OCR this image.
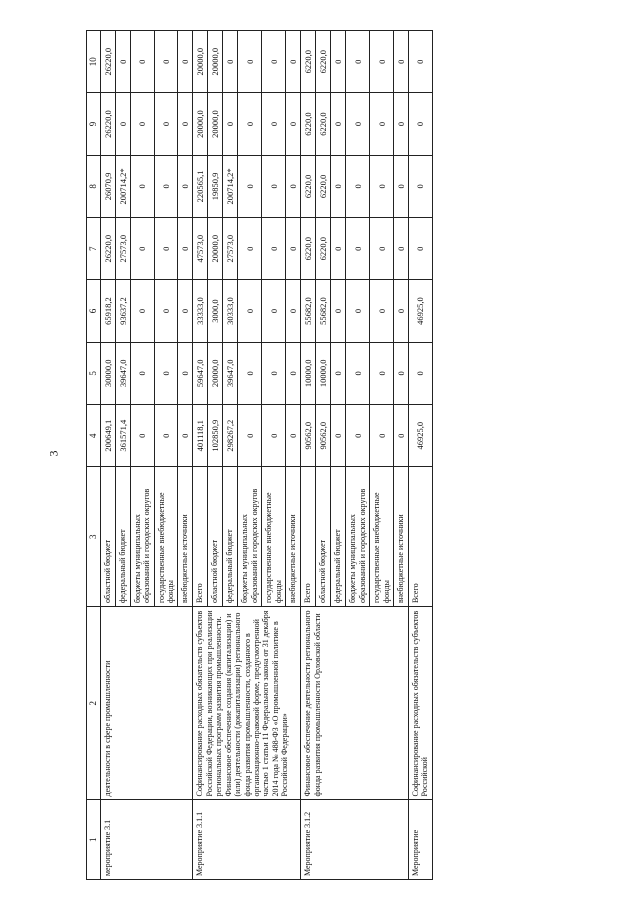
3
1	2	3	4	5	6	7	8	9	10
мероприятие 3.1	деятельности в сфере промышленности	областной бюджет	200649,1	30000,0	65918,2	26220,0	26070,9	26220,0	26220,0
		федеральный бюджет	361571,4	39647,0	93637,2	27573,0	200714,2*	0	0
		бюджеты муниципальных образований и городских округов	0	0	0	0	0	0	0
		государственные внебюджетные фонды	0	0	0	0	0	0	0
		внебюджетные источники	0	0	0	0	0	0	0
Мероприятие 3.1.1	Софинансирование расходных обязательств субъектов Российской Федерации, возникающих при реализации региональных программ развития промышленности. Финансовое обеспечение создания (капитализации) и (или) деятельности (докапитализации) регионального фонда развития промышленности, созданного в организационно-правовой форме, предусмотренной частью 1 статьи 11 Федерального закона от 31 декабря 2014 года № 488-ФЗ «О промышленной политике в Российской Федерации»	Всего	401118,1	59647,0	33333,0	47573,0	220565,1	20000,0	20000,0
		областной бюджет	102850,9	20000,0	3000,0	20000,0	19850,9	20000,0	20000,0
		федеральный бюджет	298267,2	39647,0	30333,0	27573,0	200714,2*	0	0
		бюджеты муниципальных образований и городских округов	0	0	0	0	0	0	0
		государственные внебюджетные фонды	0	0	0	0	0	0	0
		внебюджетные источники	0	0	0	0	0	0	0
Мероприятие 3.1.2	Финансовое обеспечение деятельности регионального фонда развития промышленности Орловской области	Всего	90562,0	10000,0	55682,0	6220,0	6220,0	6220,0	6220,0
		областной бюджет	90562,0	10000,0	55682,0	6220,0	6220,0	6220,0	6220,0
		федеральный бюджет	0	0	0	0	0	0	0
		бюджеты муниципальных образований и городских округов	0	0	0	0	0	0	0
		государственные внебюджетные фонды	0	0	0	0	0	0	0
		внебюджетные источники	0	0	0	0	0	0	0
Мероприятие	Софинансирование расходных обязательств субъектов Российской	Всего	46925,0	0	46925,0	0	0	0	0
